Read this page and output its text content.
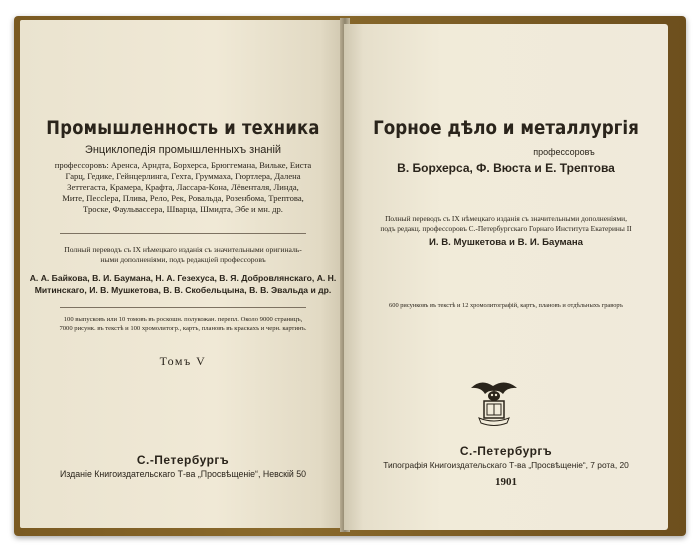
Промышленность и техника
Энциклопедія промышленныхъ знаній
профессоровъ: Аренса, Арндта, Борхерса, Брюггемана, Вильке, Еиста
Гарц, Гедике, Гейнцерлинга, Гехта, Груммаха, Гюртлера, Далена
Зеттегаста, Крамера, Крафта, Лассара-Кона, Лёвенталя, Линда,
Мите, Пессlера, Плива, Рело, Рек, Ровальда, Розенбома, Трептова,
Троске, Фаульвассера, Шварца, Шмидта, Эбе и мн. др.
Полный переводъ съ IX нѣмецкаго изданія съ значительными оригиналь-
ными дополненіями, подъ редакціей профессоровъ
А. А. Байкова, В. И. Баумана, Н. А. Гезехуса, В. Я. Добровлянскаго, А. Н.
Митинскаго, И. В. Мушкетова, В. В. Скобельцына, В. В. Эвальда и др.
100 выпусковъ или 10 томовъ въ роскошн. полукожан. перепл. Около 9000 страницъ,
7000 рисунк. въ текстѣ и 100 хромолитогр., картъ, плановъ въ краскахъ и черн. картинъ.
Томъ V
С.-Петербургъ
Изданіе Книгоиздательскаго Т-ва „Просвѣщеніе“, Невскій 50
Горное дѣло и металлургія
профессоровъ
В. Борхерса, Ф. Вюста и Е. Трептова
Полный переводъ съ IX нѣмецкаго изданія съ значительными дополненіями,
подъ редакц. профессоровъ С.-Петербургскаго Горнаго Института Екатерины II
И. В. Мушкетова и В. И. Баумана
600 рисунковъ въ текстѣ и 12 хромолитографій, картъ, плановъ и отдѣльныхъ граворъ
С.-Петербургъ
Типографія Книгоиздательскаго Т-ва „Просвѣщеніе“, 7 рота, 20
1901
